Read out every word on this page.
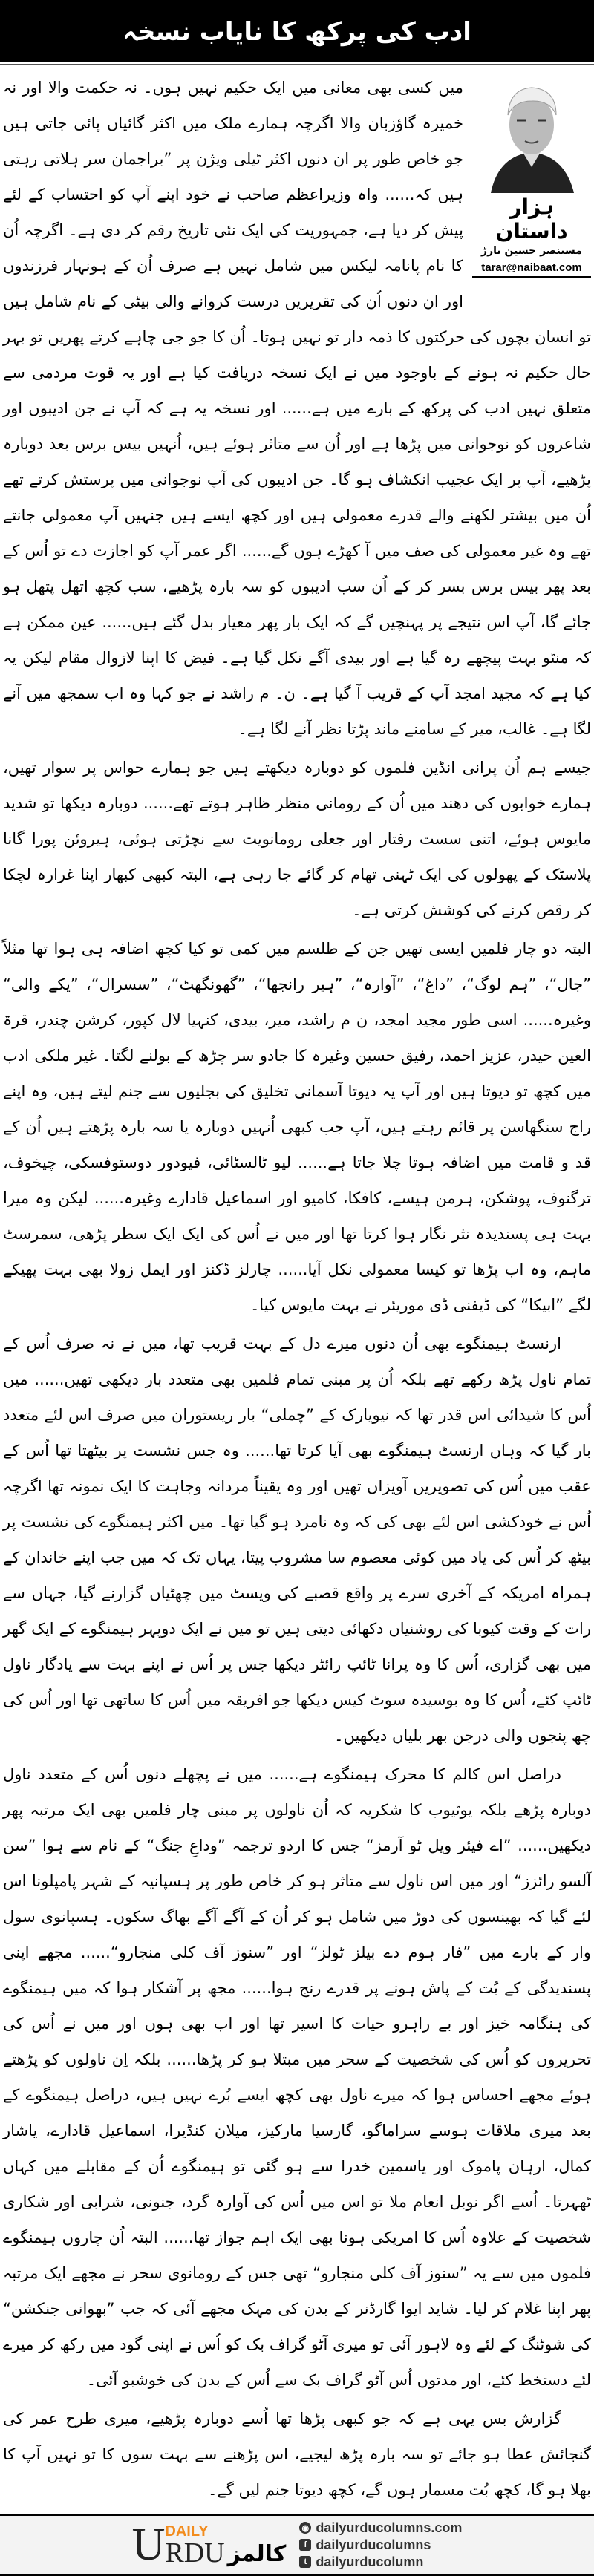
ادب کی پرکھ کا نایاب نسخہ
ہزار داستان
مستنصر حسین تارڑ
tarar@naibaat.com

میں کسی بھی معانی میں ایک حکیم نہیں ہوں۔ نہ حکمت والا اور نہ خمیرہ گاؤزبان والا اگرچہ ہمارے ملک میں اکثر گائیاں پائی جاتی ہیں جو خاص طور پر ان دنوں اکثر ٹیلی ویژن پر ”براجمان سر ہلاتی رہتی ہیں کہ...... واہ وزیراعظم صاحب نے خود اپنے آپ کو احتساب کے لئے پیش کر دیا ہے، جمہوریت کی ایک نئی تاریخ رقم کر دی ہے۔ اگرچہ اُن کا نام پانامہ لیکس میں شامل نہیں ہے صرف اُن کے ہونہار فرزندوں اور ان دنوں اُن کی تقریریں درست کروانے والی بیٹی کے نام شامل ہیں تو انسان بچوں کی حرکتوں کا ذمہ دار تو نہیں ہوتا۔ اُن کا جو جی چاہے کرتے پھریں تو بہر حال حکیم نہ ہونے کے باوجود میں نے ایک نسخہ دریافت کیا ہے اور یہ قوت مردمی سے متعلق نہیں ادب کی پرکھ کے بارے میں ہے...... اور نسخہ یہ ہے کہ آپ نے جن ادیبوں اور شاعروں کو نوجوانی میں پڑھا ہے اور اُن سے متاثر ہوئے ہیں، اُنہیں بیس برس بعد دوبارہ پڑھیے، آپ پر ایک عجیب انکشاف ہو گا۔ جن ادیبوں کی آپ نوجوانی میں پرستش کرتے تھے اُن میں بیشتر لکھنے والے قدرے معمولی ہیں اور کچھ ایسے ہیں جنہیں آپ معمولی جانتے تھے وہ غیر معمولی کی صف میں آ کھڑے ہوں گے...... اگر عمر آپ کو اجازت دے تو اُس کے بعد پھر بیس برس بسر کر کے اُن سب ادیبوں کو سہ بارہ پڑھیے، سب کچھ اتھل پتھل ہو جائے گا، آپ اس نتیجے پر پہنچیں گے کہ ایک بار پھر معیار بدل گئے ہیں...... عین ممکن ہے کہ منٹو بہت پیچھے رہ گیا ہے اور بیدی آگے نکل گیا ہے۔ فیض کا اپنا لازوال مقام لیکن یہ کیا ہے کہ مجید امجد آپ کے قریب آ گیا ہے۔ ن۔ م راشد نے جو کہا وہ اب سمجھ میں آنے لگا ہے۔ غالب، میر کے سامنے ماند پڑتا نظر آنے لگا ہے۔

جیسے ہم اُن پرانی انڈین فلموں کو دوبارہ دیکھتے ہیں جو ہمارے حواس پر سوار تھیں، ہمارے خوابوں کی دھند میں اُن کے رومانی منظر ظاہر ہوتے تھے...... دوبارہ دیکھا تو شدید مایوس ہوئے، اتنی سست رفتار اور جعلی رومانویت سے نچڑتی ہوئی، ہیروئن پورا گانا پلاسٹک کے پھولوں کی ایک ٹہنی تھام کر گائے جا رہی ہے، البتہ کبھی کبھار اپنا غرارہ لچکا کر رقص کرنے کی کوشش کرتی ہے۔

البتہ دو چار فلمیں ایسی تھیں جن کے طلسم میں کمی تو کیا کچھ اضافہ ہی ہوا تھا مثلاً ”جال“، ”ہم لوگ“، ”داغ“، ”آوارہ“، ”ہیر رانجھا“، ”گھونگھٹ“، ”سسرال“، ”یکے والی“ وغیرہ...... اسی طور مجید امجد، ن م راشد، میر، بیدی، کنہیا لال کپور، کرشن چندر، قرۃ العین حیدر، عزیز احمد، رفیق حسین وغیرہ کا جادو سر چڑھ کے بولنے لگتا۔ غیر ملکی ادب میں کچھ تو دیوتا ہیں اور آپ یہ دیوتا آسمانی تخلیق کی بجلیوں سے جنم لیتے ہیں، وہ اپنے راج سنگھاسن پر قائم رہتے ہیں، آپ جب کبھی اُنہیں دوبارہ یا سہ بارہ پڑھتے ہیں اُن کے قد و قامت میں اضافہ ہوتا چلا جاتا ہے...... لیو ٹالسٹائی، فیودور دوستوفسکی، چیخوف، ترگنوف، پوشکن، ہرمن ہیسے، کافکا، کامیو اور اسماعیل قادارے وغیرہ...... لیکن وہ میرا بہت ہی پسندیدہ نثر نگار ہوا کرتا تھا اور میں نے اُس کی ایک ایک سطر پڑھی، سمرسٹ ماہم، وہ اب پڑھا تو کیسا معمولی نکل آیا...... چارلز ڈکنز اور ایمل زولا بھی بہت پھیکے لگے ”ابیکا“ کی ڈیفنی ڈی موریئر نے بہت مایوس کیا۔

ارنسٹ ہیمنگوے بھی اُن دنوں میرے دل کے بہت قریب تھا، میں نے نہ صرف اُس کے تمام ناول پڑھ رکھے تھے بلکہ اُن پر مبنی تمام فلمیں بھی متعدد بار دیکھی تھیں...... میں اُس کا شیدائی اس قدر تھا کہ نیویارک کے ”چملی“ بار ریستوران میں صرف اس لئے متعدد بار گیا کہ وہاں ارنسٹ ہیمنگوے بھی آیا کرتا تھا...... وہ جس نشست پر بیٹھتا تھا اُس کے عقب میں اُس کی تصویریں آویزاں تھیں اور وہ یقیناً مردانہ وجاہت کا ایک نمونہ تھا اگرچہ اُس نے خودکشی اس لئے بھی کی کہ وہ نامرد ہو گیا تھا۔ میں اکثر ہیمنگوے کی نشست پر بیٹھ کر اُس کی یاد میں کوئی معصوم سا مشروب پیتا، یہاں تک کہ میں جب اپنے خاندان کے ہمراہ امریکہ کے آخری سرے پر واقع قصبے کی ویسٹ میں چھٹیاں گزارنے گیا، جہاں سے رات کے وقت کیوبا کی روشنیاں دکھائی دیتی ہیں تو میں نے ایک دوپہر ہیمنگوے کے ایک گھر میں بھی گزاری، اُس کا وہ پرانا ٹائپ رائٹر دیکھا جس پر اُس نے اپنے بہت سے یادگار ناول ٹائپ کئے، اُس کا وہ بوسیدہ سوٹ کیس دیکھا جو افریقہ میں اُس کا ساتھی تھا اور اُس کی چھ پنجوں والی درجن بھر بلیاں دیکھیں۔

دراصل اس کالم کا محرک ہیمنگوے ہے...... میں نے پچھلے دنوں اُس کے متعدد ناول دوبارہ پڑھے بلکہ یوٹیوب کا شکریہ کہ اُن ناولوں پر مبنی چار فلمیں بھی ایک مرتبہ پھر دیکھیں...... ”اے فیئر ویل ٹو آرمز“ جس کا اردو ترجمہ ”وداعِ جنگ“ کے نام سے ہوا ”سن آلسو رائزز“ اور میں اس ناول سے متاثر ہو کر خاص طور پر ہسپانیہ کے شہر پامپلونا اس لئے گیا کہ بھینسوں کی دوڑ میں شامل ہو کر اُن کے آگے آگے بھاگ سکوں۔ ہسپانوی سول وار کے بارے میں ”فار ہوم دے بیلز ٹولز“ اور ”سنوز آف کلی منجارو“...... مجھے اپنی پسندیدگی کے بُت کے پاش ہونے پر قدرے رنج ہوا...... مجھ پر آشکار ہوا کہ میں ہیمنگوے کی ہنگامہ خیز اور بے راہرو حیات کا اسیر تھا اور اب بھی ہوں اور میں نے اُس کی تحریروں کو اُس کی شخصیت کے سحر میں مبتلا ہو کر پڑھا...... بلکہ اِن ناولوں کو پڑھتے ہوئے مجھے احساس ہوا کہ میرے ناول بھی کچھ ایسے بُرے نہیں ہیں، دراصل ہیمنگوے کے بعد میری ملاقات ہوسے سراماگو، گارسیا مارکیز، میلان کنڈیرا، اسماعیل قادارے، یاشار کمال، ارہان پاموک اور یاسمین خدرا سے ہو گئی تو ہیمنگوے اُن کے مقابلے میں کہاں ٹھہرتا۔ اُسے اگر نوبل انعام ملا تو اس میں اُس کی آوارہ گرد، جنونی، شرابی اور شکاری شخصیت کے علاوہ اُس کا امریکی ہونا بھی ایک اہم جواز تھا...... البتہ اُن چاروں ہیمنگوے فلموں میں سے یہ ”سنوز آف کلی منجارو“ تھی جس کے رومانوی سحر نے مجھے ایک مرتبہ پھر اپنا غلام کر لیا۔ شاید ایوا گارڈنر کے بدن کی مہک مجھے آئی کہ جب ”بھوانی جنکشن“ کی شوٹنگ کے لئے وہ لاہور آئی تو میری آٹو گراف بک کو اُس نے اپنی گود میں رکھ کر میرے لئے دستخط کئے، اور مدتوں اُس آٹو گراف بک سے اُس کے بدن کی خوشبو آئی۔

گزارش بس یہی ہے کہ جو کبھی پڑھا تھا اُسے دوبارہ پڑھیے، میری طرح عمر کی گنجائش عطا ہو جائے تو سہ بارہ پڑھ لیجیے، اس پڑھنے سے بہت سوں کا تو نہیں آپ کا بھلا ہو گا، کچھ بُت مسمار ہوں گے، کچھ دیوتا جنم لیں گے۔

U DAILY
RDU کالمز
◉ dailyurducolumns.com
f dailyurducolumns
t dailyurducolumn
